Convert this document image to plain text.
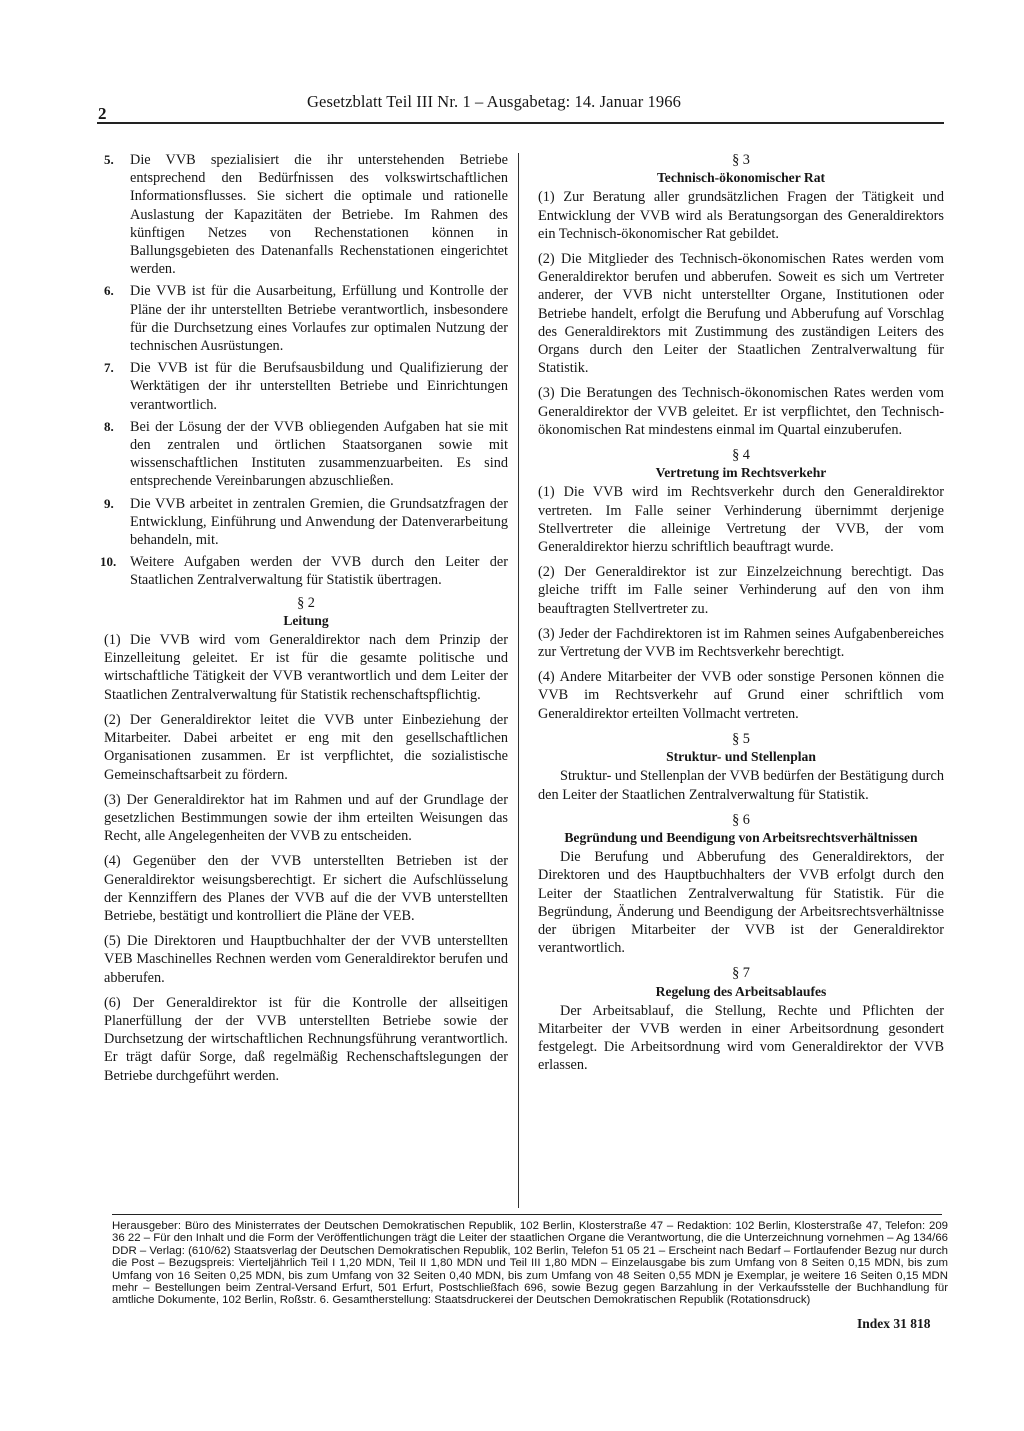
2
Gesetzblatt Teil III Nr. 1 – Ausgabetag: 14. Januar 1966
5. Die VVB spezialisiert die ihr unterstehenden Betriebe entsprechend den Bedürfnissen des volkswirtschaftlichen Informationsflusses. Sie sichert die optimale und rationelle Auslastung der Kapazitäten der Betriebe. Im Rahmen des künftigen Netzes von Rechenstationen können in Ballungsgebieten des Datenanfalls Rechenstationen eingerichtet werden.
6. Die VVB ist für die Ausarbeitung, Erfüllung und Kontrolle der Pläne der ihr unterstellten Betriebe verantwortlich, insbesondere für die Durchsetzung eines Vorlaufes zur optimalen Nutzung der technischen Ausrüstungen.
7. Die VVB ist für die Berufsausbildung und Qualifizierung der Werktätigen der ihr unterstellten Betriebe und Einrichtungen verantwortlich.
8. Bei der Lösung der der VVB obliegenden Aufgaben hat sie mit den zentralen und örtlichen Staatsorganen sowie mit wissenschaftlichen Instituten zusammenzuarbeiten. Es sind entsprechende Vereinbarungen abzuschließen.
9. Die VVB arbeitet in zentralen Gremien, die Grundsatzfragen der Entwicklung, Einführung und Anwendung der Datenverarbeitung behandeln, mit.
10. Weitere Aufgaben werden der VVB durch den Leiter der Staatlichen Zentralverwaltung für Statistik übertragen.
§ 2
Leitung

(1) Die VVB wird vom Generaldirektor nach dem Prinzip der Einzelleitung geleitet. Er ist für die gesamte politische und wirtschaftliche Tätigkeit der VVB verantwortlich und dem Leiter der Staatlichen Zentralverwaltung für Statistik rechenschaftspflichtig.

(2) Der Generaldirektor leitet die VVB unter Einbeziehung der Mitarbeiter. Dabei arbeitet er eng mit den gesellschaftlichen Organisationen zusammen. Er ist verpflichtet, die sozialistische Gemeinschaftsarbeit zu fördern.

(3) Der Generaldirektor hat im Rahmen und auf der Grundlage der gesetzlichen Bestimmungen sowie der ihm erteilten Weisungen das Recht, alle Angelegenheiten der VVB zu entscheiden.

(4) Gegenüber den der VVB unterstellten Betrieben ist der Generaldirektor weisungsberechtigt. Er sichert die Aufschlüsselung der Kennziffern des Planes der VVB auf die der VVB unterstellten Betriebe, bestätigt und kontrolliert die Pläne der VEB.

(5) Die Direktoren und Hauptbuchhalter der der VVB unterstellten VEB Maschinelles Rechnen werden vom Generaldirektor berufen und abberufen.

(6) Der Generaldirektor ist für die Kontrolle der allseitigen Planerfüllung der der VVB unterstellten Betriebe sowie der Durchsetzung der wirtschaftlichen Rechnungsführung verantwortlich. Er trägt dafür Sorge, daß regelmäßig Rechenschaftslegungen der Betriebe durchgeführt werden.

§ 3
Technisch-ökonomischer Rat

(1) Zur Beratung aller grundsätzlichen Fragen der Tätigkeit und Entwicklung der VVB wird als Beratungsorgan des Generaldirektors ein Technisch-ökonomischer Rat gebildet.

(2) Die Mitglieder des Technisch-ökonomischen Rates werden vom Generaldirektor berufen und abberufen. Soweit es sich um Vertreter anderer, der VVB nicht unterstellter Organe, Institutionen oder Betriebe handelt, erfolgt die Berufung und Abberufung auf Vorschlag des Generaldirektors mit Zustimmung des zuständigen Leiters des Organs durch den Leiter der Staatlichen Zentralverwaltung für Statistik.

(3) Die Beratungen des Technisch-ökonomischen Rates werden vom Generaldirektor der VVB geleitet. Er ist verpflichtet, den Technisch-ökonomischen Rat mindestens einmal im Quartal einzuberufen.

§ 4
Vertretung im Rechtsverkehr

(1) Die VVB wird im Rechtsverkehr durch den Generaldirektor vertreten. Im Falle seiner Verhinderung übernimmt derjenige Stellvertreter die alleinige Vertretung der VVB, der vom Generaldirektor hierzu schriftlich beauftragt wurde.

(2) Der Generaldirektor ist zur Einzelzeichnung berechtigt. Das gleiche trifft im Falle seiner Verhinderung auf den von ihm beauftragten Stellvertreter zu.

(3) Jeder der Fachdirektoren ist im Rahmen seines Aufgabenbereiches zur Vertretung der VVB im Rechtsverkehr berechtigt.

(4) Andere Mitarbeiter der VVB oder sonstige Personen können die VVB im Rechtsverkehr auf Grund einer schriftlich vom Generaldirektor erteilten Vollmacht vertreten.

§ 5
Struktur- und Stellenplan

Struktur- und Stellenplan der VVB bedürfen der Bestätigung durch den Leiter der Staatlichen Zentralverwaltung für Statistik.

§ 6
Begründung und Beendigung von Arbeitsrechtsverhältnissen

Die Berufung und Abberufung des Generaldirektors, der Direktoren und des Hauptbuchhalters der VVB erfolgt durch den Leiter der Staatlichen Zentralverwaltung für Statistik. Für die Begründung, Änderung und Beendigung der Arbeitsrechtsverhältnisse der übrigen Mitarbeiter der VVB ist der Generaldirektor verantwortlich.

§ 7
Regelung des Arbeitsablaufes

Der Arbeitsablauf, die Stellung, Rechte und Pflichten der Mitarbeiter der VVB werden in einer Arbeitsordnung gesondert festgelegt. Die Arbeitsordnung wird vom Generaldirektor der VVB erlassen.

Herausgeber: Büro des Ministerrates der Deutschen Demokratischen Republik, 102 Berlin, Klosterstraße 47 – Redaktion: 102 Berlin, Klosterstraße 47, Telefon: 209 36 22 – Für den Inhalt und die Form der Veröffentlichungen trägt die Leiter der staatlichen Organe die Verantwortung, die die Unterzeichnung vornehmen – Ag 134/66 DDR – Verlag: (610/62) Staatsverlag der Deutschen Demokratischen Republik, 102 Berlin, Telefon 51 05 21 – Erscheint nach Bedarf – Fortlaufender Bezug nur durch die Post – Bezugspreis: Vierteljährlich Teil I 1,20 MDN, Teil II 1,80 MDN und Teil III 1,80 MDN – Einzelausgabe bis zum Umfang von 8 Seiten 0,15 MDN, bis zum Umfang von 16 Seiten 0,25 MDN, bis zum Umfang von 32 Seiten 0,40 MDN, bis zum Umfang von 48 Seiten 0,55 MDN je Exemplar, je weitere 16 Seiten 0,15 MDN mehr – Bestellungen beim Zentral-Versand Erfurt, 501 Erfurt, Postschließfach 696, sowie Bezug gegen Barzahlung in der Verkaufsstelle der Buchhandlung für amtliche Dokumente, 102 Berlin, Roßstr. 6. Gesamtherstellung: Staatsdruckerei der Deutschen Demokratischen Republik (Rotationsdruck)
Index 31 818
